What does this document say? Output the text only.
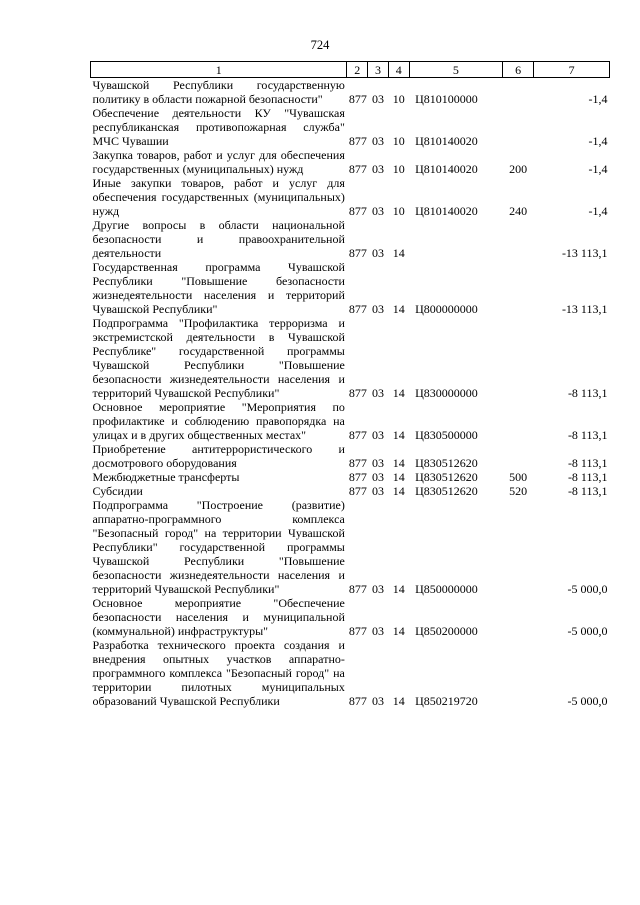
724
1	2	3	4	5	6	7
Чувашской Республики государственную политику в области пожарной безопасности"	877	03	10	Ц810100000		-1,4
Обеспечение деятельности КУ "Чувашская республиканская противопожарная служба" МЧС Чувашии	877	03	10	Ц810140020		-1,4
Закупка товаров, работ и услуг для обеспечения государственных (муниципальных) нужд	877	03	10	Ц810140020	200	-1,4
Иные закупки товаров, работ и услуг для обеспечения государственных (муниципальных) нужд	877	03	10	Ц810140020	240	-1,4
Другие вопросы в области национальной безопасности и правоохранительной деятельности	877	03	14			-13 113,1
Государственная программа Чувашской Республики "Повышение безопасности жизнедеятельности населения и территорий Чувашской Республики"	877	03	14	Ц800000000		-13 113,1
Подпрограмма "Профилактика терроризма и экстремистской деятельности в Чувашской Республике" государственной программы Чувашской Республики "Повышение безопасности жизнедеятельности населения и территорий Чувашской Республики"	877	03	14	Ц830000000		-8 113,1
Основное мероприятие "Мероприятия по профилактике и соблюдению правопорядка на улицах и в других общественных местах"	877	03	14	Ц830500000		-8 113,1
Приобретение антитеррористического и досмотрового оборудования	877	03	14	Ц830512620		-8 113,1
Межбюджетные трансферты	877	03	14	Ц830512620	500	-8 113,1
Субсидии	877	03	14	Ц830512620	520	-8 113,1
Подпрограмма "Построение (развитие) аппаратно-программного комплекса "Безопасный город" на территории Чувашской Республики" государственной программы Чувашской Республики "Повышение безопасности жизнедеятельности населения и территорий Чувашской Республики"	877	03	14	Ц850000000		-5 000,0
Основное мероприятие "Обеспечение безопасности населения и муниципальной (коммунальной) инфраструктуры"	877	03	14	Ц850200000		-5 000,0
Разработка технического проекта создания и внедрения опытных участков аппаратно-программного комплекса "Безопасный город" на территории пилотных муниципальных образований Чувашской Республики	877	03	14	Ц850219720		-5 000,0
